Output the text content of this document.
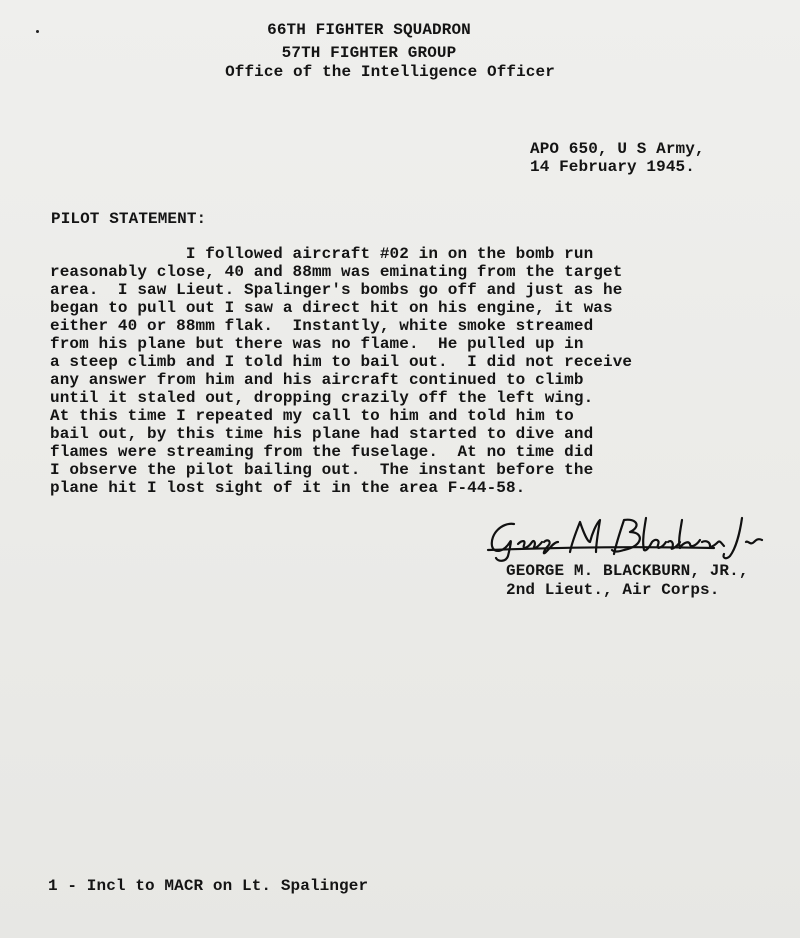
66TH FIGHTER SQUADRON
57TH FIGHTER GROUP
Office of the Intelligence Officer
APO 650, U S Army,
14 February 1945.
PILOT STATEMENT:
I followed aircraft #02 in on the bomb run
reasonably close, 40 and 88mm was eminating from the target
area.  I saw Lieut. Spalinger's bombs go off and just as he
began to pull out I saw a direct hit on his engine, it was
either 40 or 88mm flak.  Instantly, white smoke streamed
from his plane but there was no flame.  He pulled up in
a steep climb and I told him to bail out.  I did not receive
any answer from him and his aircraft continued to climb
until it staled out, dropping crazily off the left wing.
At this time I repeated my call to him and told him to
bail out, by this time his plane had started to dive and
flames were streaming from the fuselage.  At no time did
I observe the pilot bailing out.  The instant before the
plane hit I lost sight of it in the area F-44-58.
GEORGE M. BLACKBURN, JR.,
2nd Lieut., Air Corps.
1 - Incl to MACR on Lt. Spalinger
